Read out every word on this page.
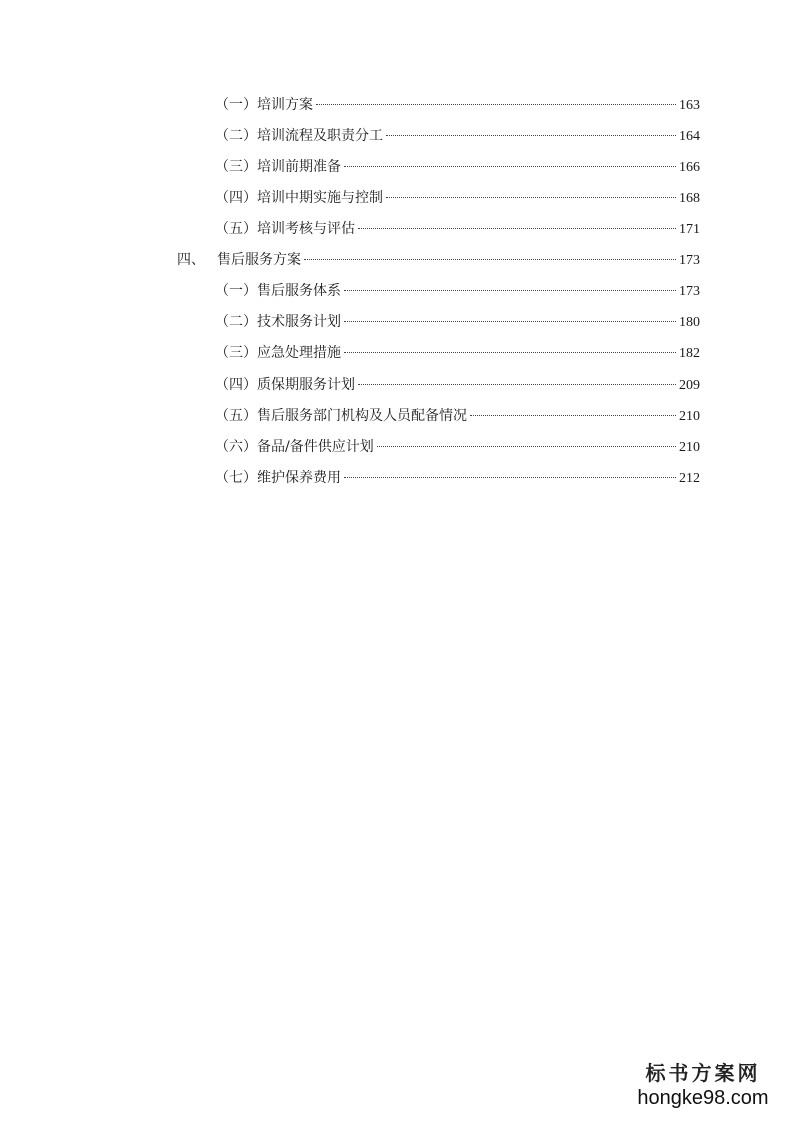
（一） 培训方案	163
（二） 培训流程及职责分工	164
（三） 培训前期准备	166
（四） 培训中期实施与控制	168
（五） 培训考核与评估	171
四、 售后服务方案	173
（一） 售后服务体系	173
（二） 技术服务计划	180
（三） 应急处理措施	182
（四） 质保期服务计划	209
（五） 售后服务部门机构及人员配备情况	210
（六） 备品/备件供应计划	210
（七） 维护保养费用	212
标书方案网
hongke98.com
